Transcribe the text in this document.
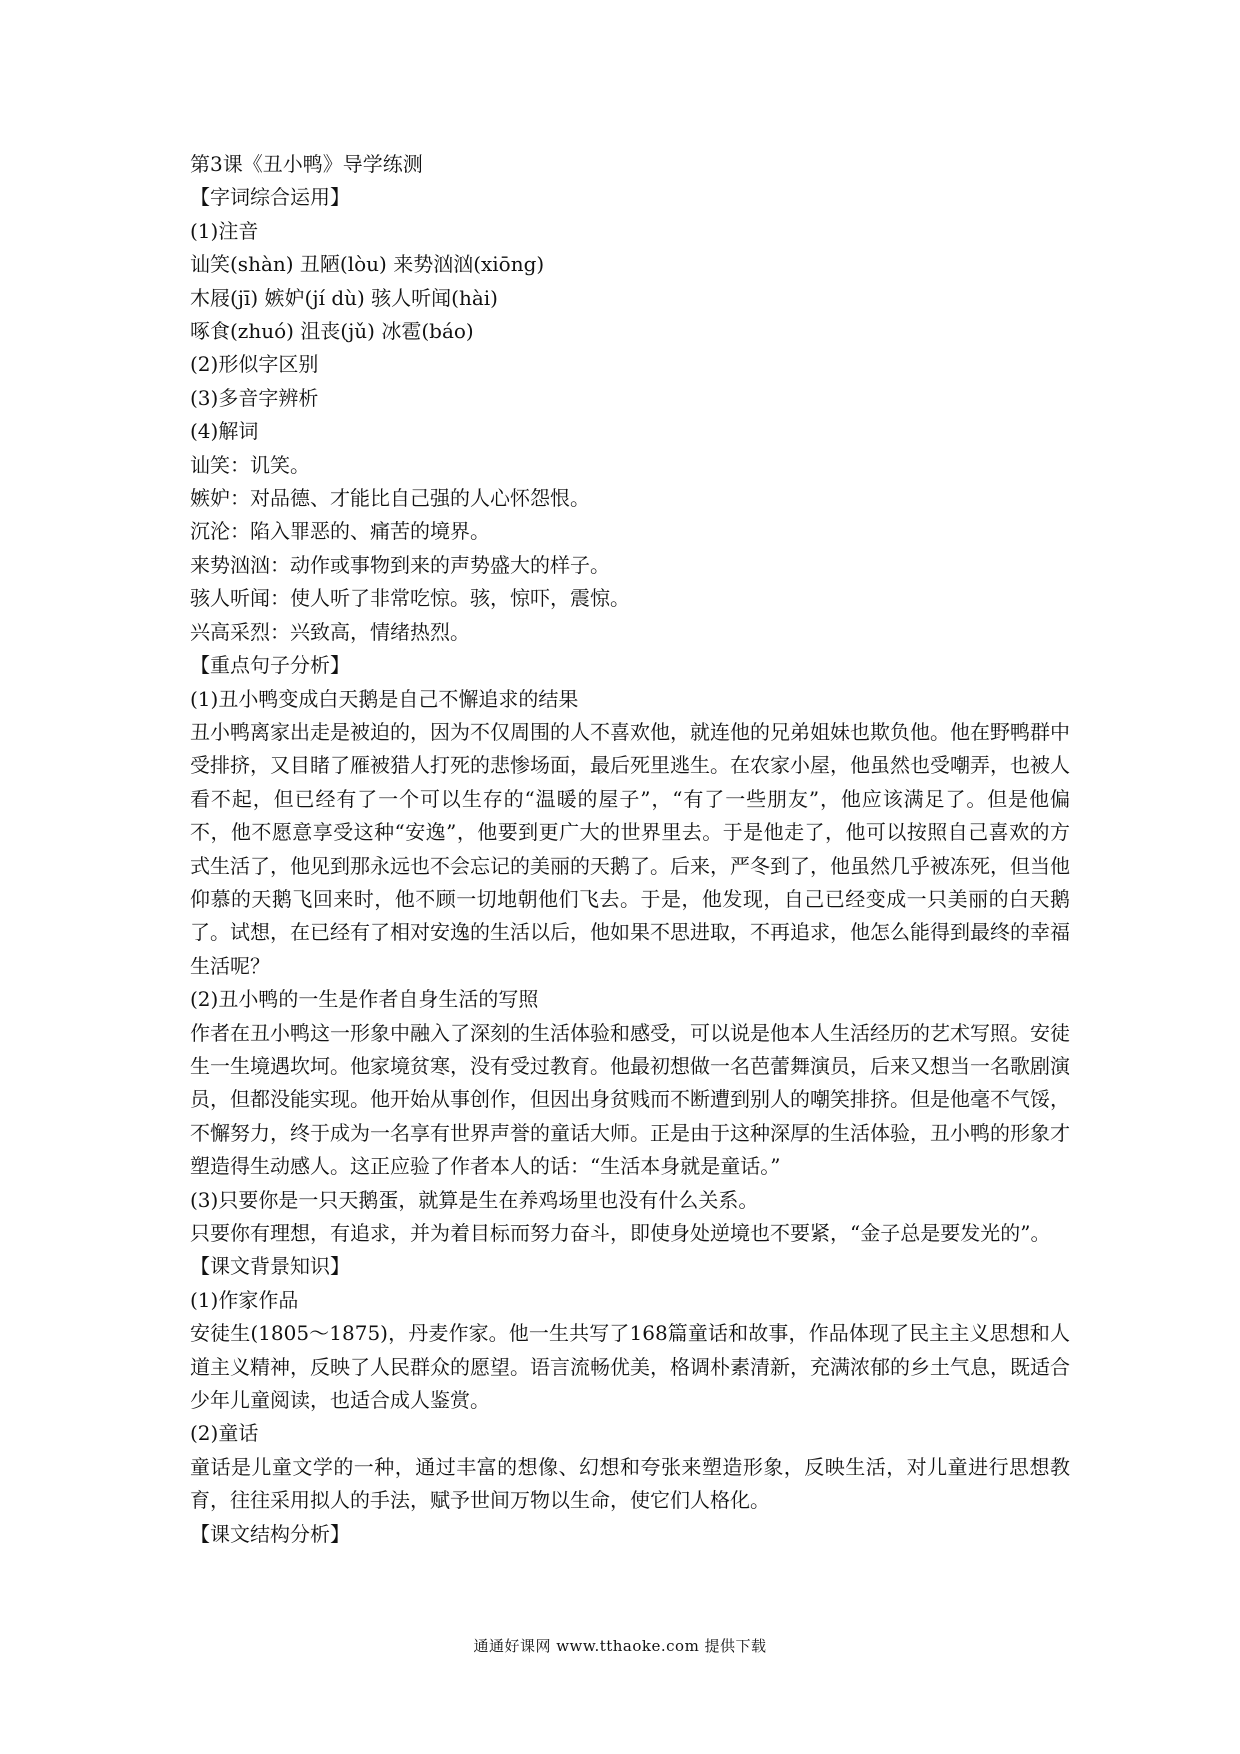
第3课《丑小鸭》导学练测
【字词综合运用】
(1)注音
讪笑(shàn) 丑陋(lòu) 来势汹汹(xiōng)
木屐(jī) 嫉妒(jí dù) 骇人听闻(hài)
啄食(zhuó) 沮丧(jǔ) 冰雹(báo)
(2)形似字区别
(3)多音字辨析
(4)解词
讪笑：讥笑。
嫉妒：对品德、才能比自己强的人心怀怨恨。
沉沦：陷入罪恶的、痛苦的境界。
来势汹汹：动作或事物到来的声势盛大的样子。
骇人听闻：使人听了非常吃惊。骇，惊吓，震惊。
兴高采烈：兴致高，情绪热烈。
【重点句子分析】
(1)丑小鸭变成白天鹅是自己不懈追求的结果
丑小鸭离家出走是被迫的，因为不仅周围的人不喜欢他，就连他的兄弟姐妹也欺负他。他在野鸭群中受排挤，又目睹了雁被猎人打死的悲惨场面，最后死里逃生。在农家小屋，他虽然也受嘲弄，也被人看不起，但已经有了一个可以生存的“温暖的屋子”，“有了一些朋友”，他应该满足了。但是他偏不，他不愿意享受这种“安逸”，他要到更广大的世界里去。于是他走了，他可以按照自己喜欢的方式生活了，他见到那永远也不会忘记的美丽的天鹅了。后来，严冬到了，他虽然几乎被冻死，但当他仰慕的天鹅飞回来时，他不顾一切地朝他们飞去。于是，他发现，自己已经变成一只美丽的白天鹅了。试想，在已经有了相对安逸的生活以后，他如果不思进取，不再追求，他怎么能得到最终的幸福生活呢？
(2)丑小鸭的一生是作者自身生活的写照
作者在丑小鸭这一形象中融入了深刻的生活体验和感受，可以说是他本人生活经历的艺术写照。安徒生一生境遇坎坷。他家境贫寒，没有受过教育。他最初想做一名芭蕾舞演员，后来又想当一名歌剧演员，但都没能实现。他开始从事创作，但因出身贫贱而不断遭到别人的嘲笑排挤。但是他毫不气馁，不懈努力，终于成为一名享有世界声誉的童话大师。正是由于这种深厚的生活体验，丑小鸭的形象才塑造得生动感人。这正应验了作者本人的话：“生活本身就是童话。”
(3)只要你是一只天鹅蛋，就算是生在养鸡场里也没有什么关系。
只要你有理想，有追求，并为着目标而努力奋斗，即使身处逆境也不要紧，“金子总是要发光的”。
【课文背景知识】
(1)作家作品
安徒生(1805～1875)，丹麦作家。他一生共写了168篇童话和故事，作品体现了民主主义思想和人道主义精神，反映了人民群众的愿望。语言流畅优美，格调朴素清新，充满浓郁的乡土气息，既适合少年儿童阅读，也适合成人鉴赏。
(2)童话
童话是儿童文学的一种，通过丰富的想像、幻想和夸张来塑造形象，反映生活，对儿童进行思想教育，往往采用拟人的手法，赋予世间万物以生命，使它们人格化。
【课文结构分析】
通通好课网 www.tthaoke.com 提供下载
